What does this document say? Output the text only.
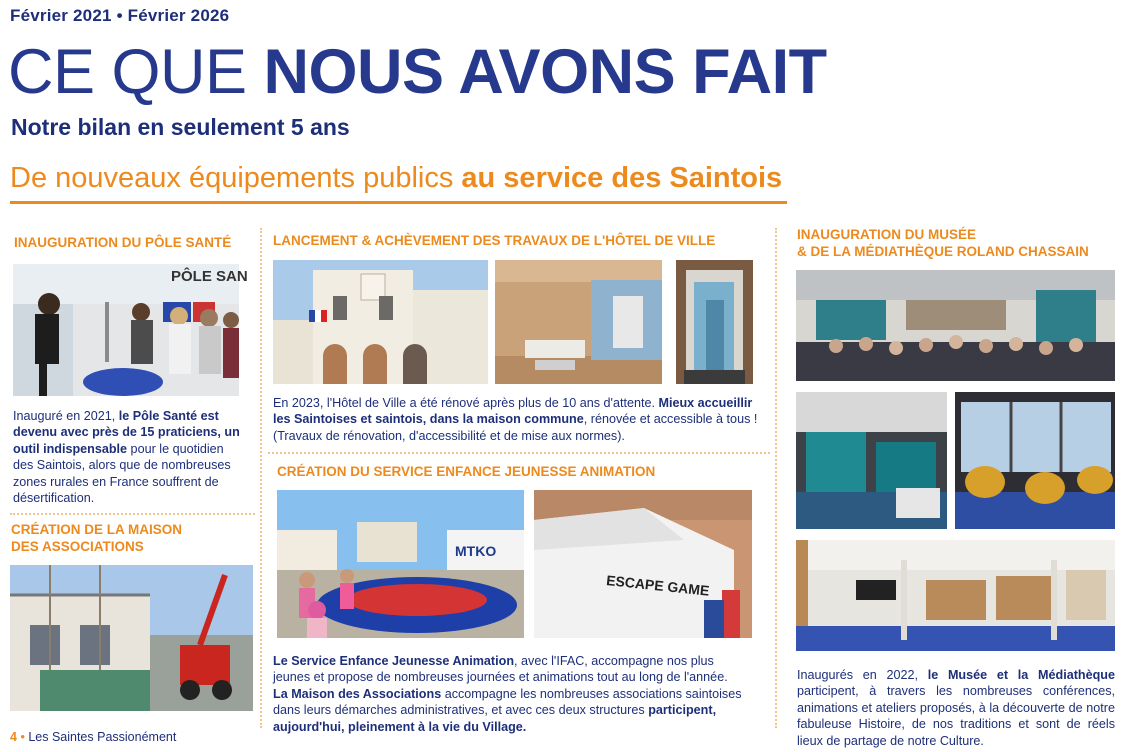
Février 2021 • Février 2026
CE QUE NOUS AVONS FAIT
Notre bilan en seulement 5 ans
De nouveaux équipements publics au service des Saintois
INAUGURATION DU PÔLE SANTÉ
PÔLE SAN
Inauguré en 2021, le Pôle Santé est devenu avec près de 15 praticiens, un outil indispensable pour le quotidien des Saintois, alors que de nombreuses zones rurales en France souffrent de désertification.
CRÉATION DE LA MAISON
DES ASSOCIATIONS
LANCEMENT & ACHÈVEMENT DES TRAVAUX DE L'HÔTEL DE VILLE
En 2023, l'Hôtel de Ville a été rénové après plus de 10 ans d'attente. Mieux accueillir les Saintoises et saintois, dans la maison commune, rénovée et accessible à tous ! (Travaux de rénovation, d'accessibilité et de mise aux normes).
CRÉATION DU SERVICE ENFANCE JEUNESSE ANIMATION
MTKO
ESCAPE GAME
Le Service Enfance Jeunesse Animation, avec l'IFAC, accompagne nos plus jeunes et propose de nombreuses journées et animations tout au long de l'année.
La Maison des Associations accompagne les nombreuses associations saintoises dans leurs démarches administratives, et avec ces deux structures participent, aujourd'hui, pleinement à la vie du Village.
INAUGURATION DU MUSÉE
& DE LA MÉDIATHÈQUE ROLAND CHASSAIN
Inaugurés en 2022, le Musée et la Médiathèque participent, à travers les nombreuses conférences, animations et ateliers proposés, à la découverte de notre fabuleuse Histoire, de nos traditions et sont de réels lieux de partage de notre Culture.
4 • Les Saintes Passionément
